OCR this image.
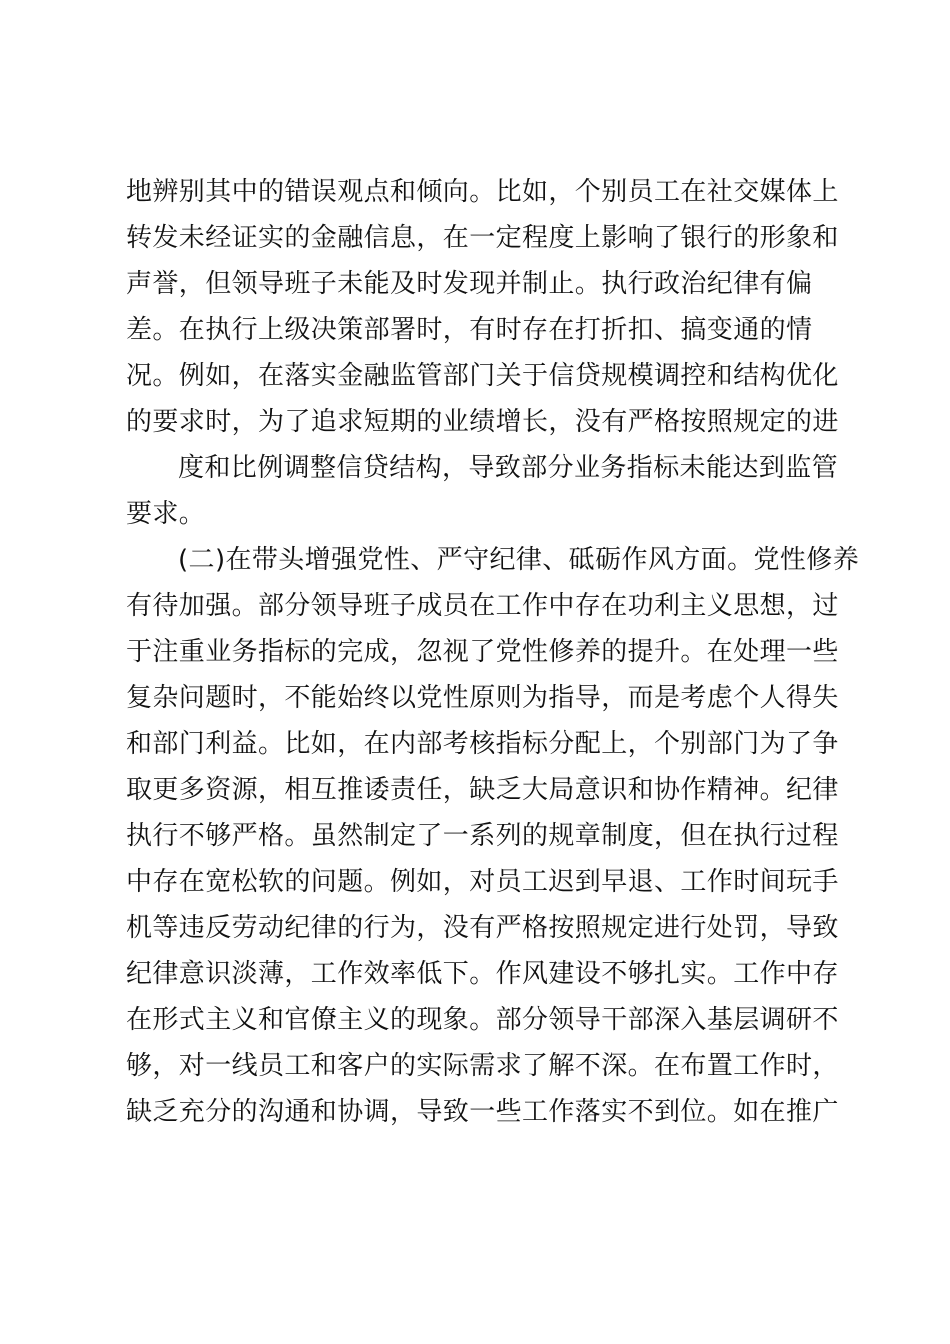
地辨别其中的错误观点和倾向。比如，个别员工在社交媒体上
转发未经证实的金融信息，在一定程度上影响了银行的形象和
声誉，但领导班子未能及时发现并制止。执行政治纪律有偏
差。在执行上级决策部署时，有时存在打折扣、搞变通的情
况。例如，在落实金融监管部门关于信贷规模调控和结构优化
的要求时，为了追求短期的业绩增长，没有严格按照规定的进
度和比例调整信贷结构，导致部分业务指标未能达到监管
要求。
(二)在带头增强党性、严守纪律、砥砺作风方面。党性修养
有待加强。部分领导班子成员在工作中存在功利主义思想，过
于注重业务指标的完成，忽视了党性修养的提升。在处理一些
复杂问题时，不能始终以党性原则为指导，而是考虑个人得失
和部门利益。比如，在内部考核指标分配上，个别部门为了争
取更多资源，相互推诿责任，缺乏大局意识和协作精神。纪律
执行不够严格。虽然制定了一系列的规章制度，但在执行过程
中存在宽松软的问题。例如，对员工迟到早退、工作时间玩手
机等违反劳动纪律的行为，没有严格按照规定进行处罚，导致
纪律意识淡薄，工作效率低下。作风建设不够扎实。工作中存
在形式主义和官僚主义的现象。部分领导干部深入基层调研不
够，对一线员工和客户的实际需求了解不深。在布置工作时，
缺乏充分的沟通和协调，导致一些工作落实不到位。如在推广
